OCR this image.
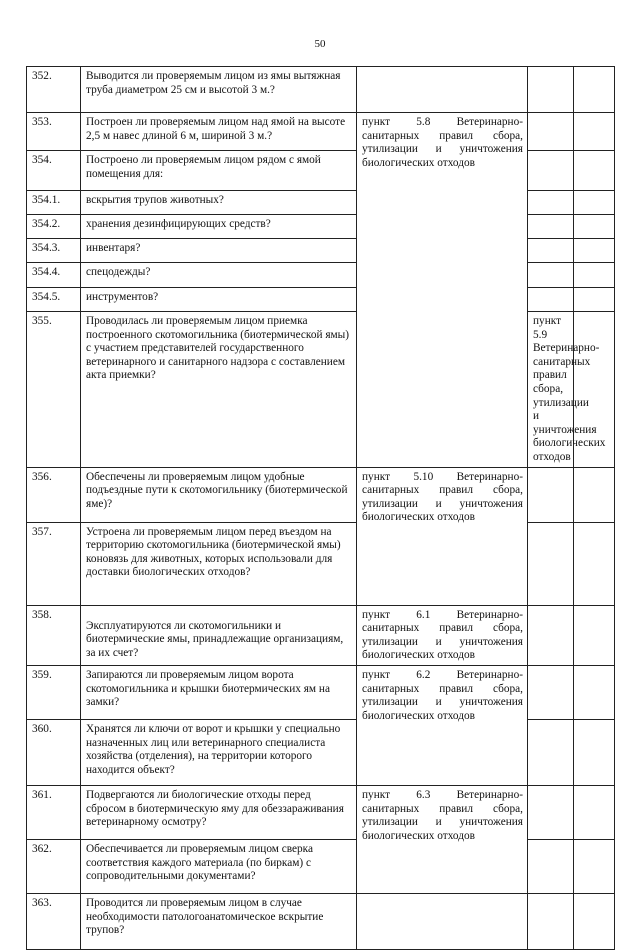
50
352.	Выводится ли проверяемым лицом из ямы вытяжная труба диаметром 25 см и высотой 3 м.?				
353.	Построен ли проверяемым лицом над ямой на высоте 2,5 м навес длиной 6 м, шириной 3 м.?	пункт 5.8 Ветеринарно-санитарных правил сбора, утилизации и уничтожения биологических отходов			
354.	Построено ли проверяемым лицом рядом с ямой помещения для:				
354.1.	вскрытия трупов животных?				
354.2.	хранения дезинфицирующих средств?				
354.3.	инвентаря?				
354.4.	спецодежды?				
354.5.	инструментов?				
355.	Проводилась ли проверяемым лицом приемка построенного скотомогильника (биотермической ямы) с участием представителей государственного ветеринарного и санитарного надзора с составлением акта приемки?		пункт 5.9 Ветеринарно-санитарных правил сбора, утилизации и уничтожения биологических отходов		
356.	Обеспечены ли проверяемым лицом удобные подъездные пути к скотомогильнику (биотермической яме)?	пункт 5.10 Ветеринарно-санитарных правил сбора, утилизации и уничтожения биологических отходов			
357.	Устроена ли проверяемым лицом перед въездом на территорию скотомогильника (биотермической ямы) коновязь для животных, которых использовали для доставки биологических отходов?				
358.	Эксплуатируются ли скотомогильники и биотермические ямы, принадлежащие организациям, за их счет?	пункт 6.1 Ветеринарно-санитарных правил сбора, утилизации и уничтожения биологических отходов			
359.	Запираются ли проверяемым лицом ворота скотомогильника и крышки биотермических ям на замки?	пункт 6.2 Ветеринарно-санитарных правил сбора, утилизации и уничтожения биологических отходов			
360.	Хранятся ли ключи от ворот и крышки у специально назначенных лиц или ветеринарного специалиста хозяйства (отделения), на территории которого находится объект?				
361.	Подвергаются ли биологические отходы перед сбросом в биотермическую яму для обеззараживания ветеринарному осмотру?	пункт 6.3 Ветеринарно-санитарных правил сбора, утилизации и уничтожения биологических отходов			
362.	Обеспечивается ли проверяемым лицом сверка соответствия каждого материала (по биркам) с сопроводительными документами?				
363.	Проводится ли проверяемым лицом в случае необходимости патологоанатомическое вскрытие трупов?				
